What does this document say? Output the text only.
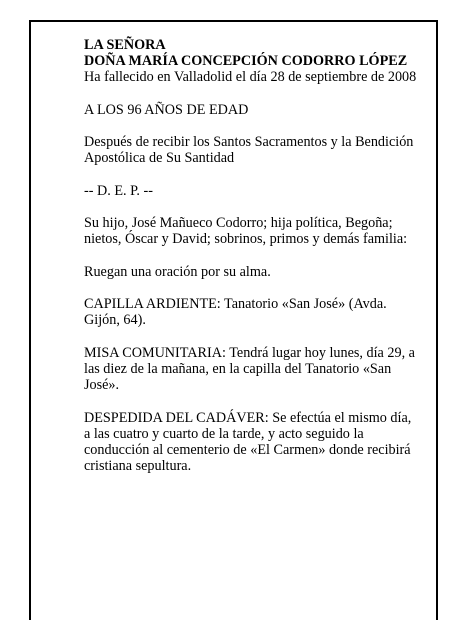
LA SEÑORA

DOÑA MARÍA CONCEPCIÓN CODORRO LÓPEZ

Ha fallecido en Valladolid el día 28 de septiembre de 2008

A LOS 96 AÑOS DE EDAD

Después de recibir los Santos Sacramentos y la Bendición Apostólica de Su Santidad

-- D. E. P. --

Su hijo, José Mañueco Codorro; hija política, Begoña; nietos, Óscar y David; sobrinos, primos y demás familia:

Ruegan una oración por su alma.

CAPILLA ARDIENTE: Tanatorio «San José» (Avda. Gijón, 64).

MISA COMUNITARIA: Tendrá lugar hoy lunes, día 29, a las diez de la mañana, en la capilla del Tanatorio «San José».

DESPEDIDA DEL CADÁVER: Se efectúa el mismo día, a las cuatro y cuarto de la tarde, y acto seguido la conducción al cementerio de «El Carmen» donde recibirá cristiana sepultura.
